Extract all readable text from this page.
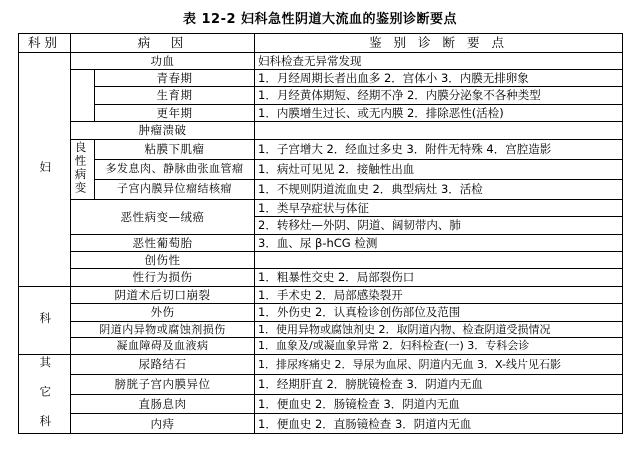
表 12-2 妇科急性阴道大流血的鉴别诊断要点
科别	病　因		鉴 别 诊 断 要 点
妇	功血		妇科检查无异常发现
		青春期	1．月经周期长者出血多 2．宫体小 3．内膜无排卵象
		生育期	1．月经黄体期短、经期不净 2．内膜分泌象不各种类型
		更年期	1．内膜增生过长、或无内膜 2．排除恶性(活检)
	肿瘤溃破		
	良性病变	粘膜下肌瘤	1．子宫增大 2．经血过多史 3．附件无特殊 4．宫腔造影
		多发息肉、静脉曲张血管瘤	1．病灶可见见 2．接触性出血
		子宫内膜异位瘤结核瘤	1．不规则阴道流血史 2．典型病灶 3．活检
	恶性病变—绒癌		1．类早孕症状与体征
			2．转移灶—外阴、阴道、阔韧带内、肺
	恶性葡萄胎		3．血、尿 β-hCG 检测
	创伤性		
	性行为损伤		1．粗暴性交史 2．局部裂伤口
科	阴道术后切口崩裂		1．手术史 2．局部感染裂开
	外伤		1．外伤史 2．认真检诊创伤部位及范围
	阴道内异物或腐蚀剂损伤		1．使用异物或腐蚀剂史 2．取阴道内物、检查阴道受损情况
	凝血障碍及血液病		1．血象及/或凝血象异常 2．妇科检查(一) 3．专科会诊
其 它 科	尿路结石		1．排尿疼痛史 2．导尿为血尿、阴道内无血 3．X-线片见石影
	膀胱子宫内膜异位		1．经期肝直 2．膀胱镜检查 3．阴道内无血
	直肠息肉		1．便血史 2．肠镜检查 3．阴道内无血
	内痔		1．便血史 2．直肠镜检查 3．阴道内无血
